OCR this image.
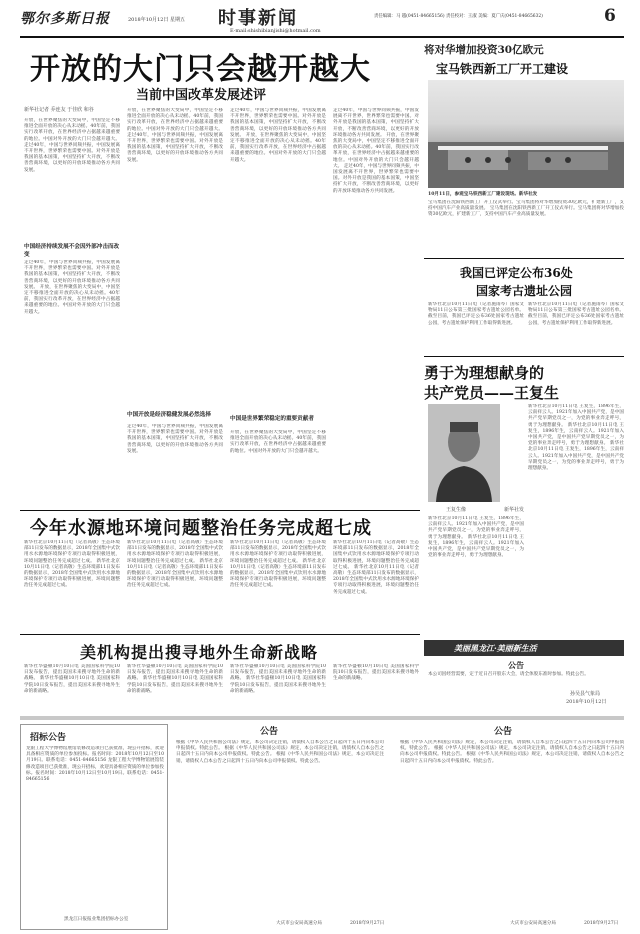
鄂尔多斯日报	2018年10月12日 星期五 时事新闻
E-mail:shishibianjishi@hotmail.com
责任编辑：马 越(0451-84665156) 责任校对：王淑 美编：夏广庆(0451-84665632)	6
开放的大门只会越开越大
当前中国改革发展述评
新华社记者 乔连友 于佳欣 和谷
开放，在世界聚焦的大变局中，中国坚定不移推进全面开放的决心从未动摇。40年前，我国实行改革开放，在世界经济中占据越来越重要的地位。中国对外开放的大门只会越开越大。 走过40年，中国与世界同频共振，中国发展离不开世界，世界繁荣也需要中国。对外开放是我国的基本国策，中国坚持扩大开放，不断改善营商环境，以更好的开放环境推动各方共同发展。
中国经济持续发展不会因外部冲击而改变
走过40年，中国与世界同频共振，中国发展离不开世界，世界繁荣也需要中国。对外开放是我国的基本国策，中国坚持扩大开放，不断改善营商环境，以更好的开放环境推动各方共同发展。 开放，在世界聚焦的大变局中，中国坚定不移推进全面开放的决心从未动摇。40年前，我国实行改革开放，在世界经济中占据越来越重要的地位。中国对外开放的大门只会越开越大。
开放，在世界聚焦的大变局中，中国坚定不移推进全面开放的决心从未动摇。40年前，我国实行改革开放，在世界经济中占据越来越重要的地位。中国对外开放的大门只会越开越大。 走过40年，中国与世界同频共振，中国发展离不开世界，世界繁荣也需要中国。对外开放是我国的基本国策，中国坚持扩大开放，不断改善营商环境，以更好的开放环境推动各方共同发展。
中国开放是经济稳健发展必然选择
走过40年，中国与世界同频共振，中国发展离不开世界，世界繁荣也需要中国。对外开放是我国的基本国策，中国坚持扩大开放，不断改善营商环境，以更好的开放环境推动各方共同发展。
走过40年，中国与世界同频共振，中国发展离不开世界，世界繁荣也需要中国。对外开放是我国的基本国策，中国坚持扩大开放，不断改善营商环境，以更好的开放环境推动各方共同发展。 开放，在世界聚焦的大变局中，中国坚定不移推进全面开放的决心从未动摇。40年前，我国实行改革开放，在世界经济中占据越来越重要的地位。中国对外开放的大门只会越开越大。
中国是世界繁荣稳定的重要贡献者
开放，在世界聚焦的大变局中，中国坚定不移推进全面开放的决心从未动摇。40年前，我国实行改革开放，在世界经济中占据越来越重要的地位。中国对外开放的大门只会越开越大。
走过40年，中国与世界同频共振，中国发展离不开世界，世界繁荣也需要中国。对外开放是我国的基本国策，中国坚持扩大开放，不断改善营商环境，以更好的开放环境推动各方共同发展。 开放，在世界聚焦的大变局中，中国坚定不移推进全面开放的决心从未动摇。40年前，我国实行改革开放，在世界经济中占据越来越重要的地位。中国对外开放的大门只会越开越大。 走过40年，中国与世界同频共振，中国发展离不开世界，世界繁荣也需要中国。对外开放是我国的基本国策，中国坚持扩大开放，不断改善营商环境，以更好的开放环境推动各方共同发展。
将对华增加投资30亿欧元
宝马铁西新工厂开工建设
10月11日，参观宝马铁西新工厂建设现场。新华社发
宝马集团在沈阳铁西新工厂开工仪式举行。宝马集团将对华增加投资30亿欧元，扩建新工厂，支持中国汽车产业高质量发展。 宝马集团在沈阳铁西新工厂开工仪式举行。宝马集团将对华增加投资30亿欧元，扩建新工厂，支持中国汽车产业高质量发展。
我国已评定公布36处
国家考古遗址公园
新华社北京10月11日电（记者施雨岑）国家文物局11日公布第三批国家考古遗址公园名单。截至目前，我国已评定公布36处国家考古遗址公园，考古遗址保护利用工作取得新进展。
新华社北京10月11日电（记者施雨岑）国家文物局11日公布第三批国家考古遗址公园名单。截至目前，我国已评定公布36处国家考古遗址公园，考古遗址保护利用工作取得新进展。
勇于为理想献身的
共产党员——王复生
王复生像	新华社发
新华社北京10月11日电 王复生，1896年生，云南祥云人。1921年加入中国共产党，是中国共产党早期党员之一，为党的事业奔走呼号，勇于为理想献身。 新华社北京10月11日电 王复生，1896年生，云南祥云人。1921年加入中国共产党，是中国共产党早期党员之一，为党的事业奔走呼号，勇于为理想献身。
新华社北京10月11日电 王复生，1896年生，云南祥云人。1921年加入中国共产党，是中国共产党早期党员之一，为党的事业奔走呼号，勇于为理想献身。 新华社北京10月11日电 王复生，1896年生，云南祥云人。1921年加入中国共产党，是中国共产党早期党员之一，为党的事业奔走呼号，勇于为理想献身。 新华社北京10月11日电 王复生，1896年生，云南祥云人。1921年加入中国共产党，是中国共产党早期党员之一，为党的事业奔走呼号，勇于为理想献身。
美丽黑龙江·美丽新生活
今年水源地环境问题整治任务完成超七成
新华社北京10月11日电（记者高敬）生态环境部11日发布的数据显示，2018年全国集中式饮用水水源地环境保护专项行动取得积极进展，环境问题整治任务完成超过七成。 新华社北京10月11日电（记者高敬）生态环境部11日发布的数据显示，2018年全国集中式饮用水水源地环境保护专项行动取得积极进展，环境问题整治任务完成超过七成。
新华社北京10月11日电（记者高敬）生态环境部11日发布的数据显示，2018年全国集中式饮用水水源地环境保护专项行动取得积极进展，环境问题整治任务完成超过七成。 新华社北京10月11日电（记者高敬）生态环境部11日发布的数据显示，2018年全国集中式饮用水水源地环境保护专项行动取得积极进展，环境问题整治任务完成超过七成。
新华社北京10月11日电（记者高敬）生态环境部11日发布的数据显示，2018年全国集中式饮用水水源地环境保护专项行动取得积极进展，环境问题整治任务完成超过七成。 新华社北京10月11日电（记者高敬）生态环境部11日发布的数据显示，2018年全国集中式饮用水水源地环境保护专项行动取得积极进展，环境问题整治任务完成超过七成。
新华社北京10月11日电（记者高敬）生态环境部11日发布的数据显示，2018年全国集中式饮用水水源地环境保护专项行动取得积极进展，环境问题整治任务完成超过七成。 新华社北京10月11日电（记者高敬）生态环境部11日发布的数据显示，2018年全国集中式饮用水水源地环境保护专项行动取得积极进展，环境问题整治任务完成超过七成。
美机构提出搜寻地外生命新战略
新华社华盛顿10月10日电 美国国家科学院10日发布报告，提出美国未来搜寻地外生命的新战略。 新华社华盛顿10月10日电 美国国家科学院10日发布报告，提出美国未来搜寻地外生命的新战略。
新华社华盛顿10月10日电 美国国家科学院10日发布报告，提出美国未来搜寻地外生命的新战略。 新华社华盛顿10月10日电 美国国家科学院10日发布报告，提出美国未来搜寻地外生命的新战略。
新华社华盛顿10月10日电 美国国家科学院10日发布报告，提出美国未来搜寻地外生命的新战略。 新华社华盛顿10月10日电 美国国家科学院10日发布报告，提出美国未来搜寻地外生命的新战略。
新华社华盛顿10月10日电 美国国家科学院10日发布报告，提出美国未来搜寻地外生命的新战略。
公告
本公司因经营需要，定于近日召开股东大会，请全体股东准时参加。特此公告。
孙吴县气象局
2018年10月12日
招标公告
龙银工程大学博物馆展馆装修改造项目已获批准，现公开招标，欢迎具备相应资质的单位参加投标。报名时间：2018年10月12日至10月19日。联系电话：0451-84665156 龙银工程大学博物馆展馆装修改造项目已获批准，现公开招标，欢迎具备相应资质的单位参加投标。报名时间：2018年10月12日至10月19日。联系电话：0451-84665156
黑龙江日报报业集团招标办公室
公告
根据《中华人民共和国公司法》规定，本公司决定注销，请债权人自本公告之日起四十五日内向本公司申报债权。特此公告。 根据《中华人民共和国公司法》规定，本公司决定注销，请债权人自本公告之日起四十五日内向本公司申报债权。特此公告。 根据《中华人民共和国公司法》规定，本公司决定注销，请债权人自本公告之日起四十五日内向本公司申报债权。特此公告。
大庆市公安局高速分局	2018年9月27日
公告
根据《中华人民共和国公司法》规定，本公司决定注销，请债权人自本公告之日起四十五日内向本公司申报债权。特此公告。 根据《中华人民共和国公司法》规定，本公司决定注销，请债权人自本公告之日起四十五日内向本公司申报债权。特此公告。 根据《中华人民共和国公司法》规定，本公司决定注销，请债权人自本公告之日起四十五日内向本公司申报债权。特此公告。
大庆市公安局高速分局	2018年9月27日
